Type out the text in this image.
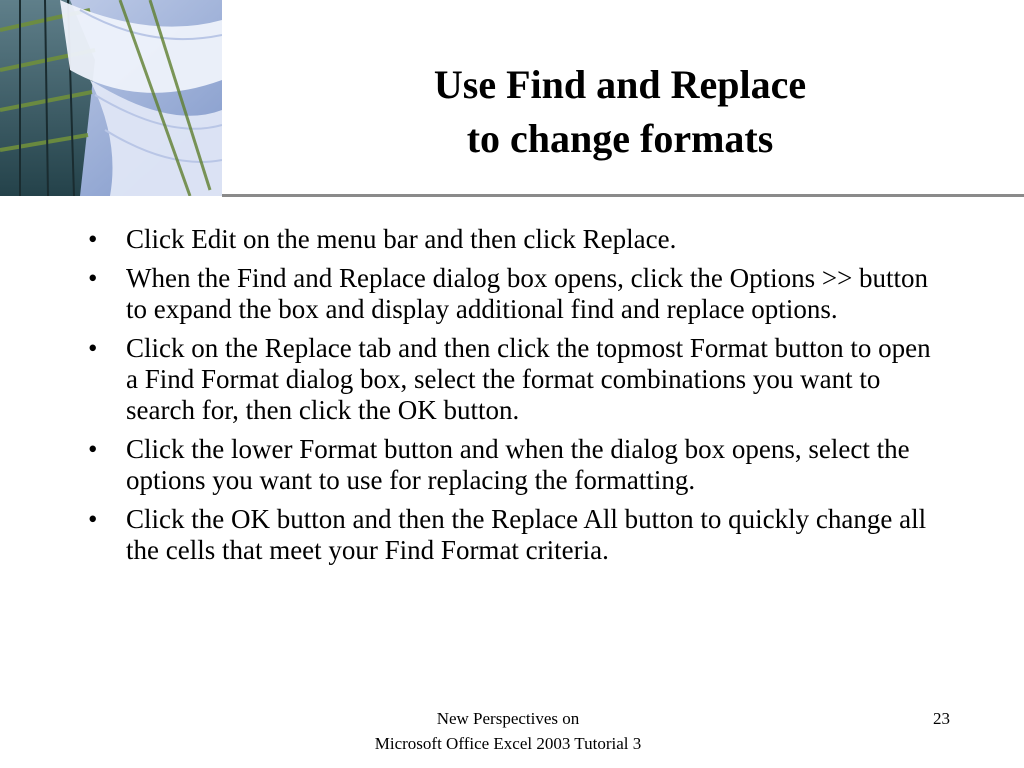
Use Find and Replace
to change formats
• Click Edit on the menu bar and then click Replace.
• When the Find and Replace dialog box opens, click the Options >> button to expand the box and display additional find and replace options.
• Click on the Replace tab and then click the topmost Format button to open a Find Format dialog box, select the format combinations you want to search for, then click the OK button.
• Click the lower Format button and when the dialog box opens, select the options you want to use for replacing the formatting.
• Click the OK button and then the Replace All button to quickly change all the cells that meet your Find Format criteria.
New Perspectives on
Microsoft Office Excel 2003 Tutorial 3
23
